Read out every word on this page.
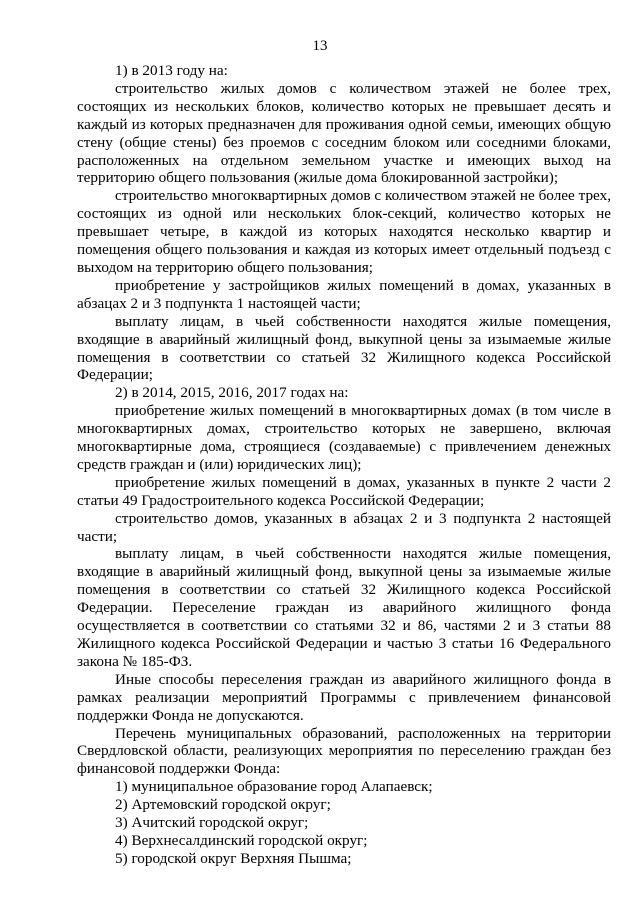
13

1) в 2013 году на:

строительство жилых домов с количеством этажей не более трех, состоящих из нескольких блоков, количество которых не превышает десять и каждый из которых предназначен для проживания одной семьи, имеющих общую стену (общие стены) без проемов с соседним блоком или соседними блоками, расположенных на отдельном земельном участке и имеющих выход на территорию общего пользования (жилые дома блокированной застройки);

строительство многоквартирных домов с количеством этажей не более трех, состоящих из одной или нескольких блок-секций, количество которых не превышает четыре, в каждой из которых находятся несколько квартир и помещения общего пользования и каждая из которых имеет отдельный подъезд с выходом на территорию общего пользования;

приобретение у застройщиков жилых помещений в домах, указанных в абзацах 2 и 3 подпункта 1 настоящей части;

выплату лицам, в чьей собственности находятся жилые помещения, входящие в аварийный жилищный фонд, выкупной цены за изымаемые жилые помещения в соответствии со статьей 32 Жилищного кодекса Российской Федерации;

2) в 2014, 2015, 2016, 2017 годах на:

приобретение жилых помещений в многоквартирных домах (в том числе в многоквартирных домах, строительство которых не завершено, включая многоквартирные дома, строящиеся (создаваемые) с привлечением денежных средств граждан и (или) юридических лиц);

приобретение жилых помещений в домах, указанных в пункте 2 части 2 статьи 49 Градостроительного кодекса Российской Федерации;

строительство домов, указанных в абзацах 2 и 3 подпункта 2 настоящей части;

выплату лицам, в чьей собственности находятся жилые помещения, входящие в аварийный жилищный фонд, выкупной цены за изымаемые жилые помещения в соответствии со статьей 32 Жилищного кодекса Российской Федерации. Переселение граждан из аварийного жилищного фонда осуществляется в соответствии со статьями 32 и 86, частями 2 и 3 статьи 88 Жилищного кодекса Российской Федерации и частью 3 статьи 16 Федерального закона № 185-ФЗ.

Иные способы переселения граждан из аварийного жилищного фонда в рамках реализации мероприятий Программы с привлечением финансовой поддержки Фонда не допускаются.

Перечень муниципальных образований, расположенных на территории Свердловской области, реализующих мероприятия по переселению граждан без финансовой поддержки Фонда:

1) муниципальное образование город Алапаевск;

2) Артемовский городской округ;

3) Ачитский городской округ;

4) Верхнесалдинский городской округ;

5) городской округ Верхняя Пышма;
